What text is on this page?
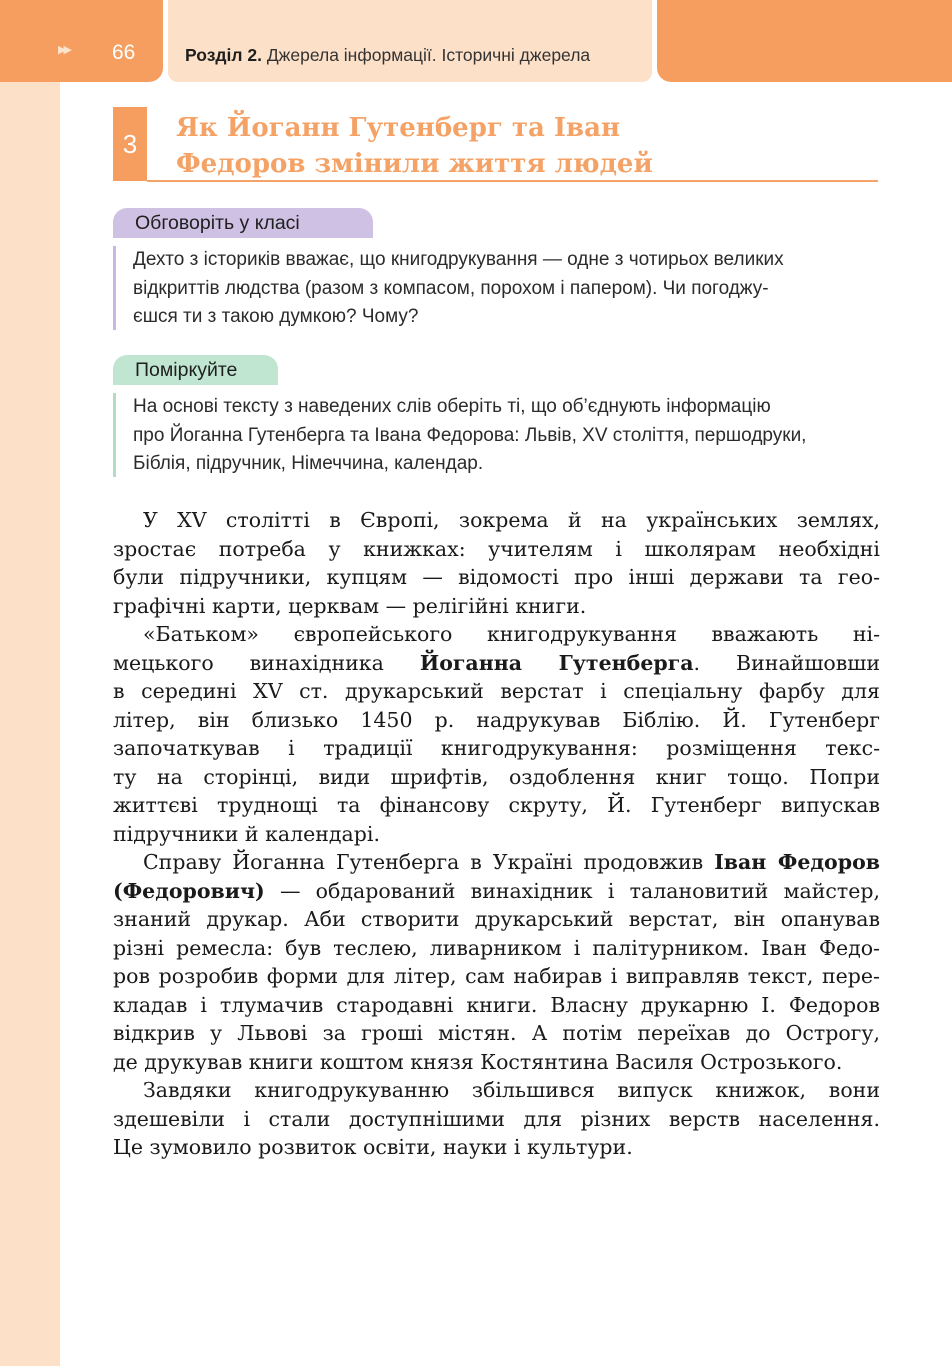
▶▶ 66	Розділ 2. Джерела інформації. Історичні джерела
3
Як Йоганн Гутенберг та Іван
Федоров змінили життя людей
Обговоріть у класі
Дехто з істориків вважає, що книгодрукування — одне з чотирьох великих
відкриттів людства (разом з компасом, порохом і папером). Чи погоджу-
єшся ти з такою думкою? Чому?
Поміркуйте
На основі тексту з наведених слів оберіть ті, що об’єднують інформацію
про Йоганна Гутенберга та Івана Федорова: Львів, XV століття, першодруки,
Біблія, підручник, Німеччина, календар.
У XV столітті в Європі, зокрема й на українських землях,
зростає потреба у книжках: учителям і школярам необхідні
були підручники, купцям — відомості про інші держави та гео-
графічні карти, церквам — релігійні книги.
«Батьком» європейського книгодрукування вважають ні-
мецького винахідника Йоганна Гутенберга. Винайшовши
в середині XV ст. друкарський верстат і спеціальну фарбу для
літер, він близько 1450 р. надрукував Біблію. Й. Гутенберг
започаткував і традиції книгодрукування: розміщення текс-
ту на сторінці, види шрифтів, оздоблення книг тощо. Попри
життєві труднощі та фінансову скруту, Й. Гутенберг випускав
підручники й календарі.
Справу Йоганна Гутенберга в Україні продовжив Іван Федоров
(Федорович) — обдарований винахідник і талановитий майстер,
знаний друкар. Аби створити друкарський верстат, він опанував
різні ремесла: був теслею, ливарником і палітурником. Іван Федо-
ров розробив форми для літер, сам набирав і виправляв текст, пере-
кладав і тлумачив стародавні книги. Власну друкарню І. Федоров
відкрив у Львові за гроші містян. А потім переїхав до Острогу,
де друкував книги коштом князя Костянтина Василя Острозького.
Завдяки книгодрукуванню збільшився випуск книжок, вони
здешевіли і стали доступнішими для різних верств населення.
Це зумовило розвиток освіти, науки і культури.
